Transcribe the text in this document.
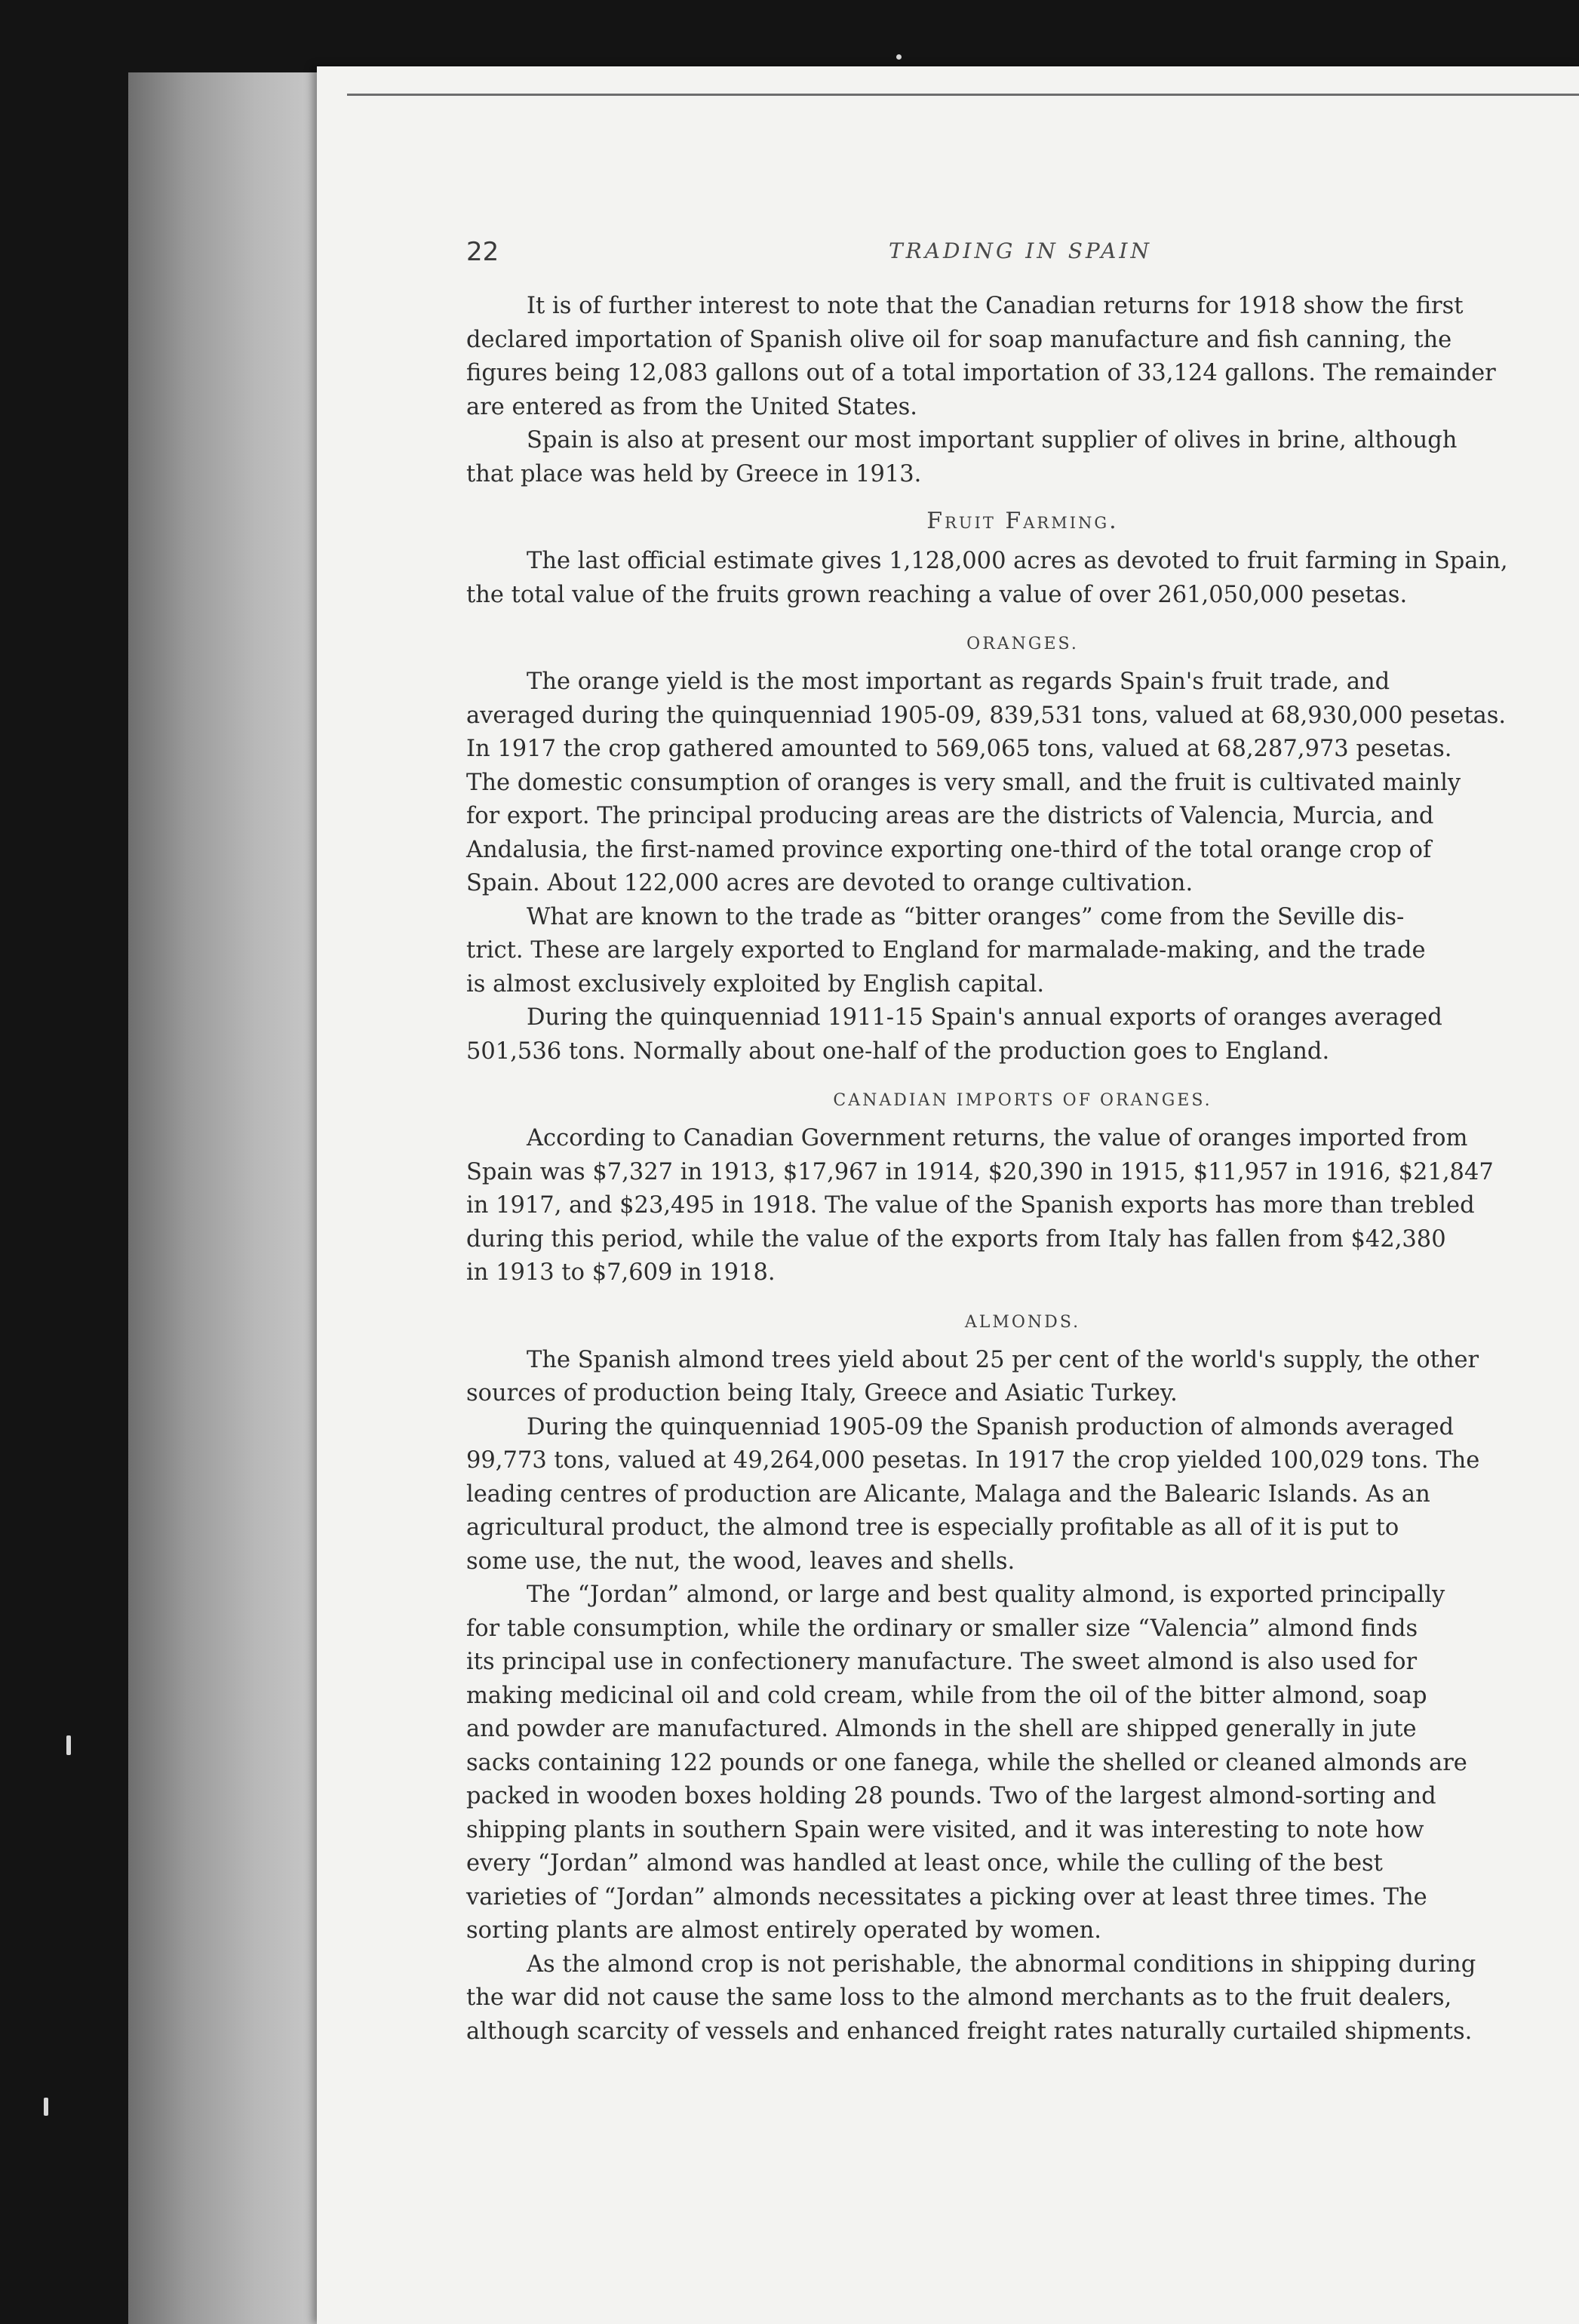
22	TRADING IN SPAIN

It is of further interest to note that the Canadian returns for 1918 show the first
declared importation of Spanish olive oil for soap manufacture and fish canning, the
figures being 12,083 gallons out of a total importation of 33,124 gallons. The remainder
are entered as from the United States.

Spain is also at present our most important supplier of olives in brine, although
that place was held by Greece in 1913.

Fruit Farming.

The last official estimate gives 1,128,000 acres as devoted to fruit farming in Spain,
the total value of the fruits grown reaching a value of over 261,050,000 pesetas.

ORANGES.

The orange yield is the most important as regards Spain's fruit trade, and
averaged during the quinquenniad 1905-09, 839,531 tons, valued at 68,930,000 pesetas.
In 1917 the crop gathered amounted to 569,065 tons, valued at 68,287,973 pesetas.
The domestic consumption of oranges is very small, and the fruit is cultivated mainly
for export. The principal producing areas are the districts of Valencia, Murcia, and
Andalusia, the first-named province exporting one-third of the total orange crop of
Spain. About 122,000 acres are devoted to orange cultivation.

What are known to the trade as “bitter oranges” come from the Seville dis-
trict. These are largely exported to England for marmalade-making, and the trade
is almost exclusively exploited by English capital.

During the quinquenniad 1911-15 Spain's annual exports of oranges averaged
501,536 tons. Normally about one-half of the production goes to England.

CANADIAN IMPORTS OF ORANGES.

According to Canadian Government returns, the value of oranges imported from
Spain was $7,327 in 1913, $17,967 in 1914, $20,390 in 1915, $11,957 in 1916, $21,847
in 1917, and $23,495 in 1918. The value of the Spanish exports has more than trebled
during this period, while the value of the exports from Italy has fallen from $42,380
in 1913 to $7,609 in 1918.

ALMONDS.

The Spanish almond trees yield about 25 per cent of the world's supply, the other
sources of production being Italy, Greece and Asiatic Turkey.

During the quinquenniad 1905-09 the Spanish production of almonds averaged
99,773 tons, valued at 49,264,000 pesetas. In 1917 the crop yielded 100,029 tons. The
leading centres of production are Alicante, Malaga and the Balearic Islands. As an
agricultural product, the almond tree is especially profitable as all of it is put to
some use, the nut, the wood, leaves and shells.

The “Jordan” almond, or large and best quality almond, is exported principally
for table consumption, while the ordinary or smaller size “Valencia” almond finds
its principal use in confectionery manufacture. The sweet almond is also used for
making medicinal oil and cold cream, while from the oil of the bitter almond, soap
and powder are manufactured. Almonds in the shell are shipped generally in jute
sacks containing 122 pounds or one fanega, while the shelled or cleaned almonds are
packed in wooden boxes holding 28 pounds. Two of the largest almond-sorting and
shipping plants in southern Spain were visited, and it was interesting to note how
every “Jordan” almond was handled at least once, while the culling of the best
varieties of “Jordan” almonds necessitates a picking over at least three times. The
sorting plants are almost entirely operated by women.

As the almond crop is not perishable, the abnormal conditions in shipping during
the war did not cause the same loss to the almond merchants as to the fruit dealers,
although scarcity of vessels and enhanced freight rates naturally curtailed shipments.
